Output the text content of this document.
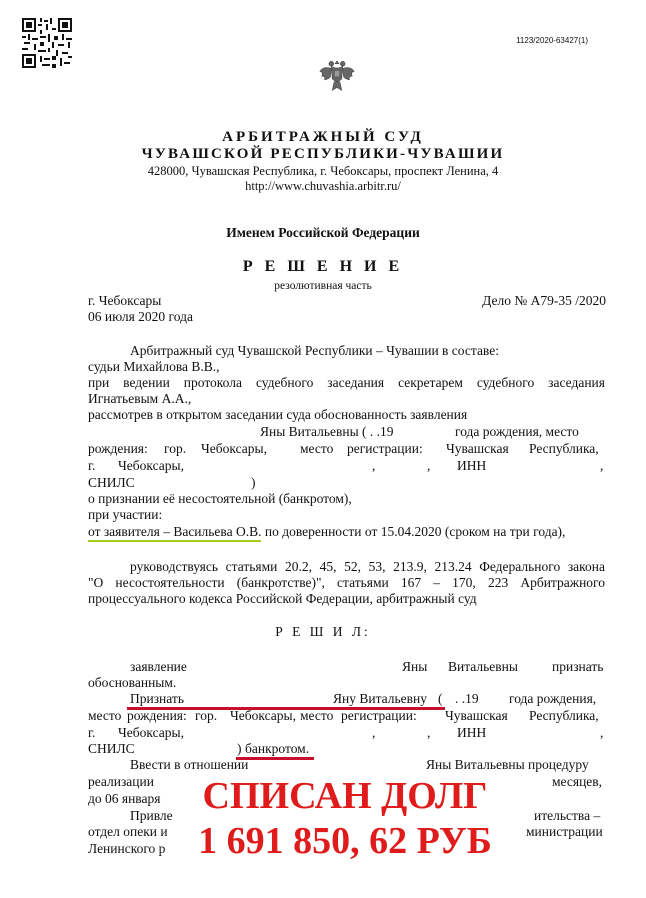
1123/2020-63427(1)
АРБИТРАЖНЫЙ СУД
ЧУВАШСКОЙ РЕСПУБЛИКИ-ЧУВАШИИ
428000, Чувашская Республика, г. Чебоксары, проспект Ленина, 4
http://www.chuvashia.arbitr.ru/
Именем Российской Федерации
Р Е Ш Е Н И Е
резолютивная часть
г. Чебоксары	Дело № А79-35 /2020
06 июля 2020 года
Арбитражный суд Чувашской Республики – Чувашии в составе:
судьи Михайлова В.В.,
при ведении протокола судебного заседания секретарем судебного заседания
Игнатьевым А.А.,
рассмотрев в открытом заседании суда обоснованность заявления
Яны Витальевны ( . .19	года рождения, место
рождения: гор. Чебоксары, место регистрации: Чувашская Республика,
г. Чебоксары,	,	, ИНН	,
СНИЛС	)
о признании её несостоятельной (банкротом),
при участии:
от заявителя – Васильева О.В. по доверенности от 15.04.2020 (сроком на три года),
руководствуясь статьями 20.2, 45, 52, 53, 213.9, 213.24 Федерального закона
"О несостоятельности (банкротстве)", статьями 167 – 170, 223 Арбитражного
процессуального кодекса Российской Федерации, арбитражный суд
Р Е Ш И Л:
заявление	Яны Витальевны	признать
обоснованным.
Признать	Яну Витальевну ( . .19 года рождения,
место рождения: гор. Чебоксары, место регистрации: Чувашская Республика,
г. Чебоксары,	,	, ИНН	,
СНИЛС	) банкротом.
Ввести в отношении	Яны Витальевны процедуру
реализации	месяцев,
до 06 января
Привле	ительства –
отдел опеки и	министрации
Ленинского р
СПИСАН ДОЛГ
1 691 850, 62 РУБ
